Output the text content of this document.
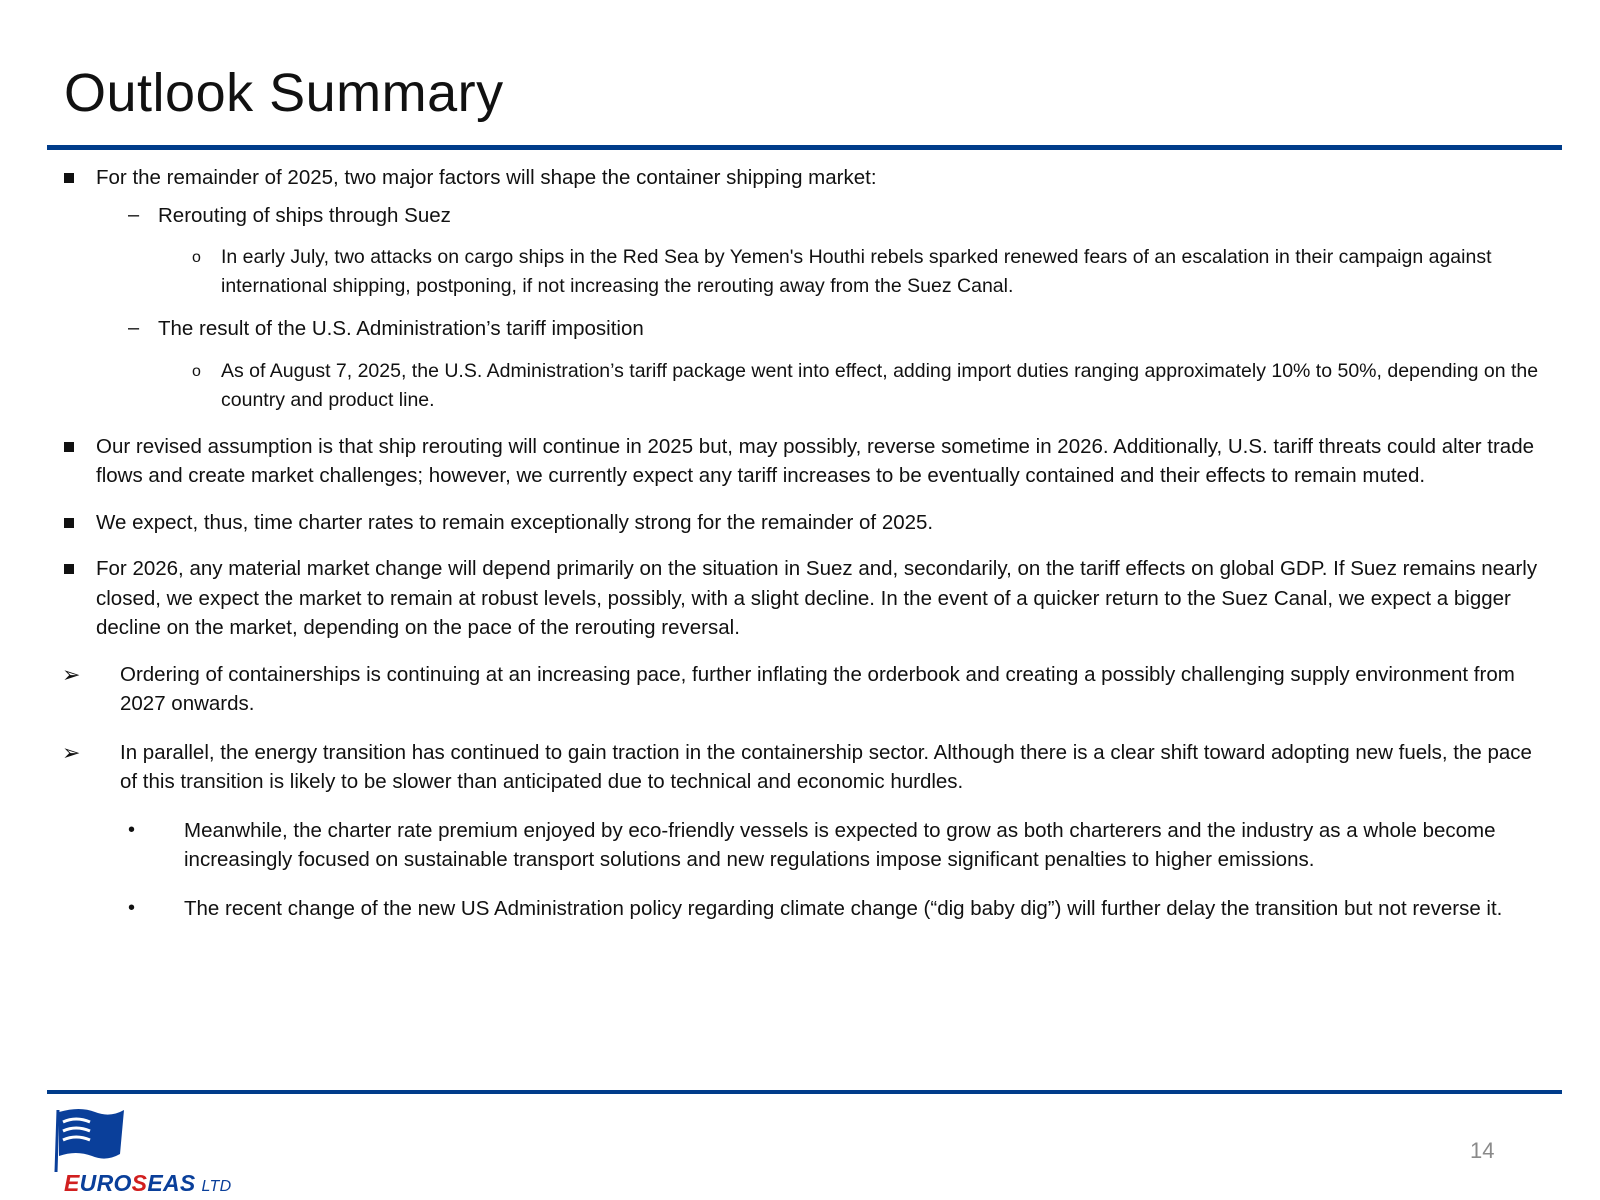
Outlook Summary
For the remainder of 2025, two major factors will shape the container shipping market:
– Rerouting of ships through Suez
o In early July, two attacks on cargo ships in the Red Sea by Yemen's Houthi rebels sparked renewed fears of an escalation in their campaign against international shipping, postponing, if not increasing the rerouting away from the Suez Canal.
– The result of the U.S. Administration’s tariff imposition
o As of August 7, 2025, the U.S. Administration’s tariff package went into effect, adding import duties ranging approximately 10% to 50%, depending on the country and product line.
Our revised assumption is that ship rerouting will continue in 2025 but, may possibly, reverse sometime in 2026. Additionally, U.S. tariff threats could alter trade flows and create market challenges; however, we currently expect any tariff increases to be eventually contained and their effects to remain muted.
We expect, thus, time charter rates to remain exceptionally strong for the remainder of 2025.
For 2026, any material market change will depend primarily on the situation in Suez and, secondarily, on the tariff effects on global GDP. If Suez remains nearly closed, we expect the market to remain at robust levels, possibly, with a slight decline. In the event of a quicker return to the Suez Canal, we expect a bigger decline on the market, depending on the pace of the rerouting reversal.
➢ Ordering of containerships is continuing at an increasing pace, further inflating the orderbook and creating a possibly challenging supply environment from 2027 onwards.
➢ In parallel, the energy transition has continued to gain traction in the containership sector. Although there is a clear shift toward adopting new fuels, the pace of this transition is likely to be slower than anticipated due to technical and economic hurdles.
• Meanwhile, the charter rate premium enjoyed by eco-friendly vessels is expected to grow as both charterers and the industry as a whole become increasingly focused on sustainable transport solutions and new regulations impose significant penalties to higher emissions.
• The recent change of the new US Administration policy regarding climate change (“dig baby dig”) will further delay the transition but not reverse it.
EUROSEAS LTD
14
